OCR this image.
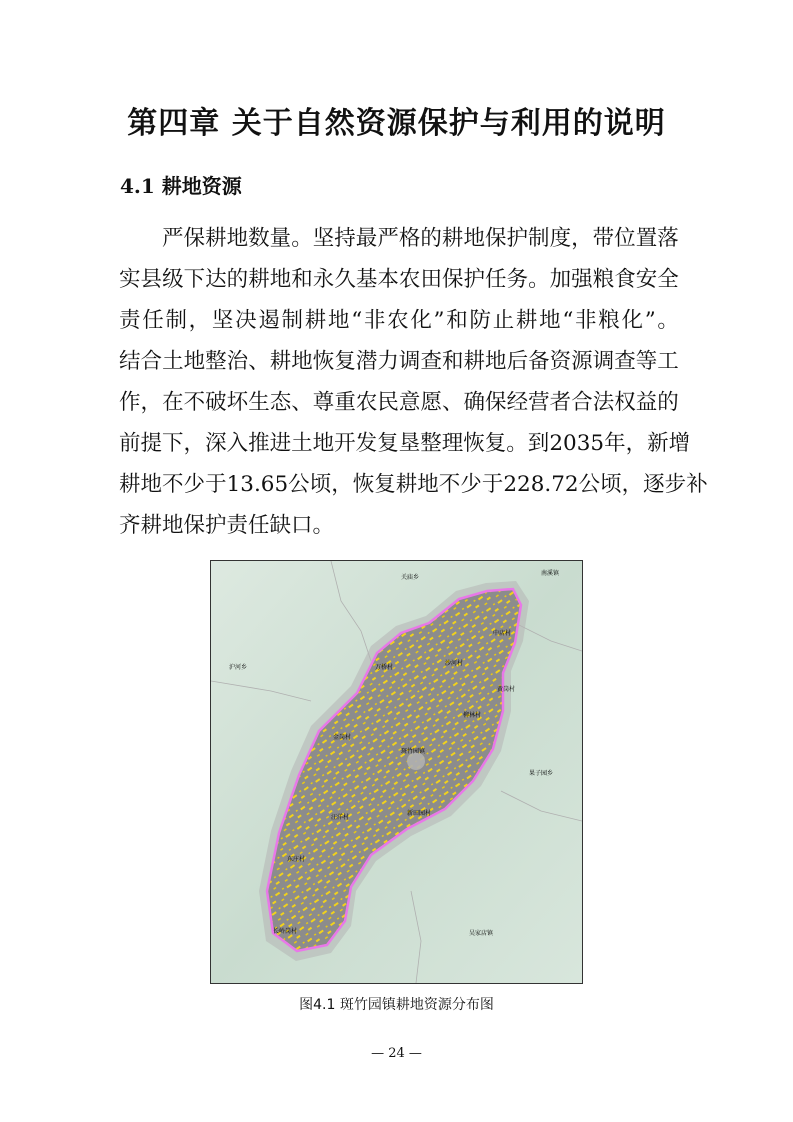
第四章 关于自然资源保护与利用的说明
4.1 耕地资源
严 保 耕 地 数 量 。 坚 持 最 严 格 的 耕 地 保 护 制 度 ， 带 位 置 落
实 县 级 下 达 的 耕 地 和 永 久 基 本 农 田 保 护 任 务 。 加 强 粮 食 安 全
责 任 制 ， 坚 决 遏 制 耕 地 “ 非 农 化 ” 和 防 止 耕 地 “ 非 粮 化 ” 。
结 合 土 地 整 治 、 耕 地 恢 复 潜 力 调 查 和 耕 地 后 备 资 源 调 查 等 工
作 ， 在 不 破 坏 生 态 、 尊 重 农 民 意 愿 、 确 保 经 营 者 合 法 权 益 的
前 提 下 ， 深 入 推 进 土 地 开 发 复 垦 整 理 恢 复 。 到 2 0 3 5 年 ， 新 增
耕 地 不 少 于 1 3 . 6 5 公 顷 ， 恢 复 耕 地 不 少 于 2 2 8 . 7 2 公 顷 ， 逐 步 补
齐耕地保护责任缺口。
关庙乡
南溪镇
沪河乡
果子园乡
吴家店镇
斑竹园镇
万桥村
沙河村
金岗村
新田园村
长岭岗村
中店村
黄岗村
汪洋村
柳林村
东庄村
图4.1 斑竹园镇耕地资源分布图
— 24 —
